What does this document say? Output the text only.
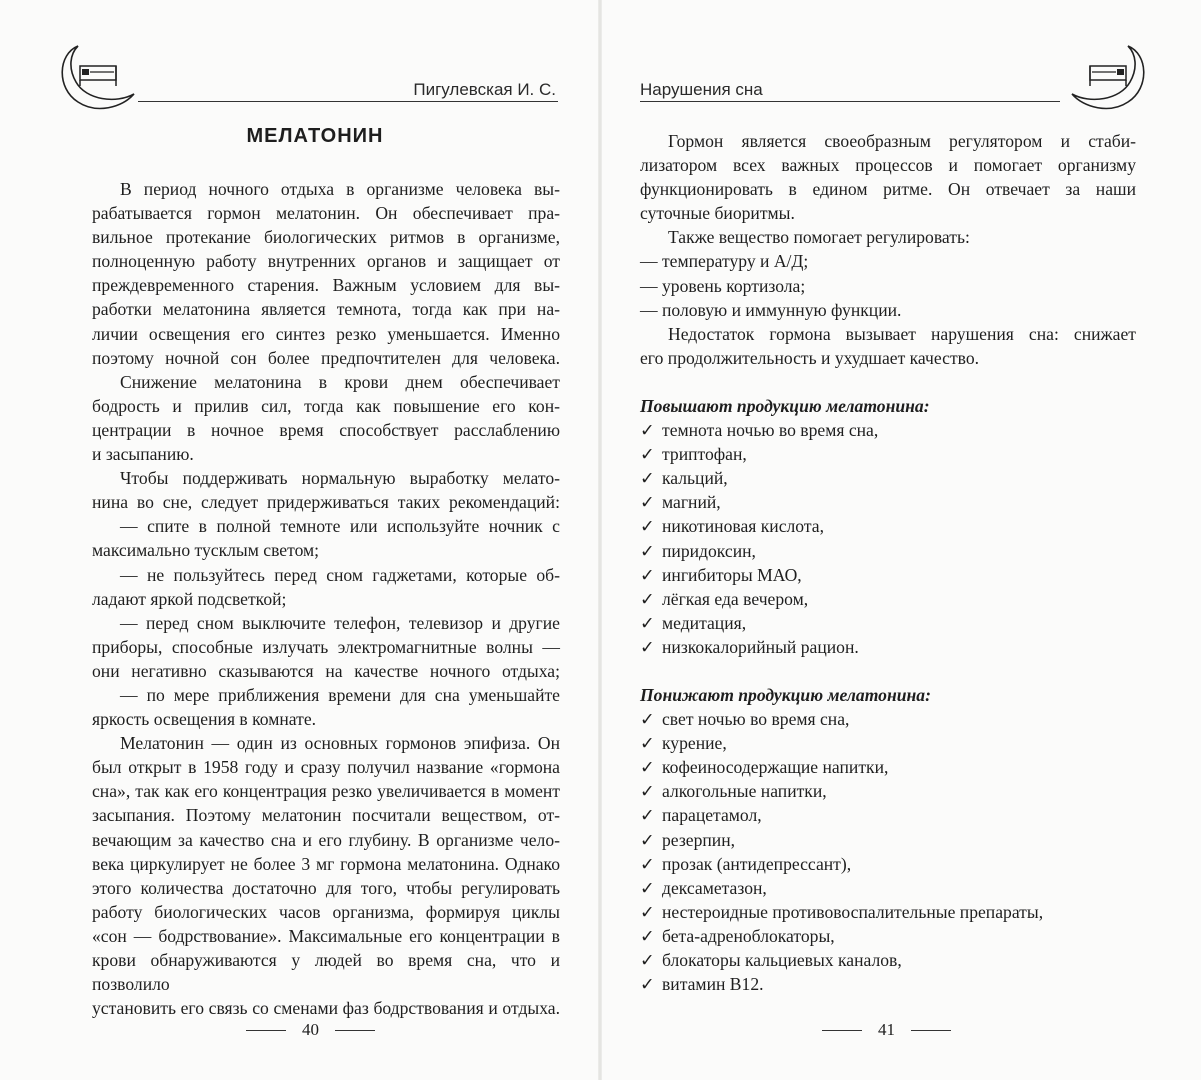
Пигулевская И. С.
МЕЛАТОНИН
В период ночного отдыха в организме человека вы-
рабатывается гормон мелатонин. Он обеспечивает пра-
вильное протекание биологических ритмов в организме,
полноценную работу внутренних органов и защищает от
преждевременного старения. Важным условием для вы-
работки мелатонина является темнота, тогда как при на-
личии освещения его синтез резко уменьшается. Именно
поэтому ночной сон более предпочтителен для человека.
Снижение мелатонина в крови днем обеспечивает
бодрость и прилив сил, тогда как повышение его кон-
центрации в ночное время способствует расслаблению
и засыпанию.
Чтобы поддерживать нормальную выработку мелато-
нина во сне, следует придерживаться таких рекомендаций:
— спите в полной темноте или используйте ночник с
максимально тусклым светом;
— не пользуйтесь перед сном гаджетами, которые об-
ладают яркой подсветкой;
— перед сном выключите телефон, телевизор и другие
приборы, способные излучать электромагнитные волны —
они негативно сказываются на качестве ночного отдыха;
— по мере приближения времени для сна уменьшайте
яркость освещения в комнате.
Мелатонин — один из основных гормонов эпифиза. Он
был открыт в 1958 году и сразу получил название «гормона
сна», так как его концентрация резко увеличивается в момент
засыпания. Поэтому мелатонин посчитали веществом, от-
вечающим за качество сна и его глубину. В организме чело-
века циркулирует не более 3 мг гормона мелатонина. Однако
этого количества достаточно для того, чтобы регулировать
работу биологических часов организма, формируя циклы
«сон — бодрствование». Максимальные его концентрации в
крови обнаруживаются у людей во время сна, что и позволило
установить его связь со сменами фаз бодрствования и отдыха.
40
Нарушения сна
Гормон является своеобразным регулятором и стаби-
лизатором всех важных процессов и помогает организму
функционировать в едином ритме. Он отвечает за наши
суточные биоритмы.
Также вещество помогает регулировать:
— температуру и А/Д;
— уровень кортизола;
— половую и иммунную функции.
Недостаток гормона вызывает нарушения сна: снижает
его продолжительность и ухудшает качество.
Повышают продукцию мелатонина:
✓ темнота ночью во время сна,
✓ триптофан,
✓ кальций,
✓ магний,
✓ никотиновая кислота,
✓ пиридоксин,
✓ ингибиторы МАО,
✓ лёгкая еда вечером,
✓ медитация,
✓ низкокалорийный рацион.
Понижают продукцию мелатонина:
✓ свет ночью во время сна,
✓ курение,
✓ кофеиносодержащие напитки,
✓ алкогольные напитки,
✓ парацетамол,
✓ резерпин,
✓ прозак (антидепрессант),
✓ дексаметазон,
✓ нестероидные противовоспалительные препараты,
✓ бета-адреноблокаторы,
✓ блокаторы кальциевых каналов,
✓ витамин В12.
41
